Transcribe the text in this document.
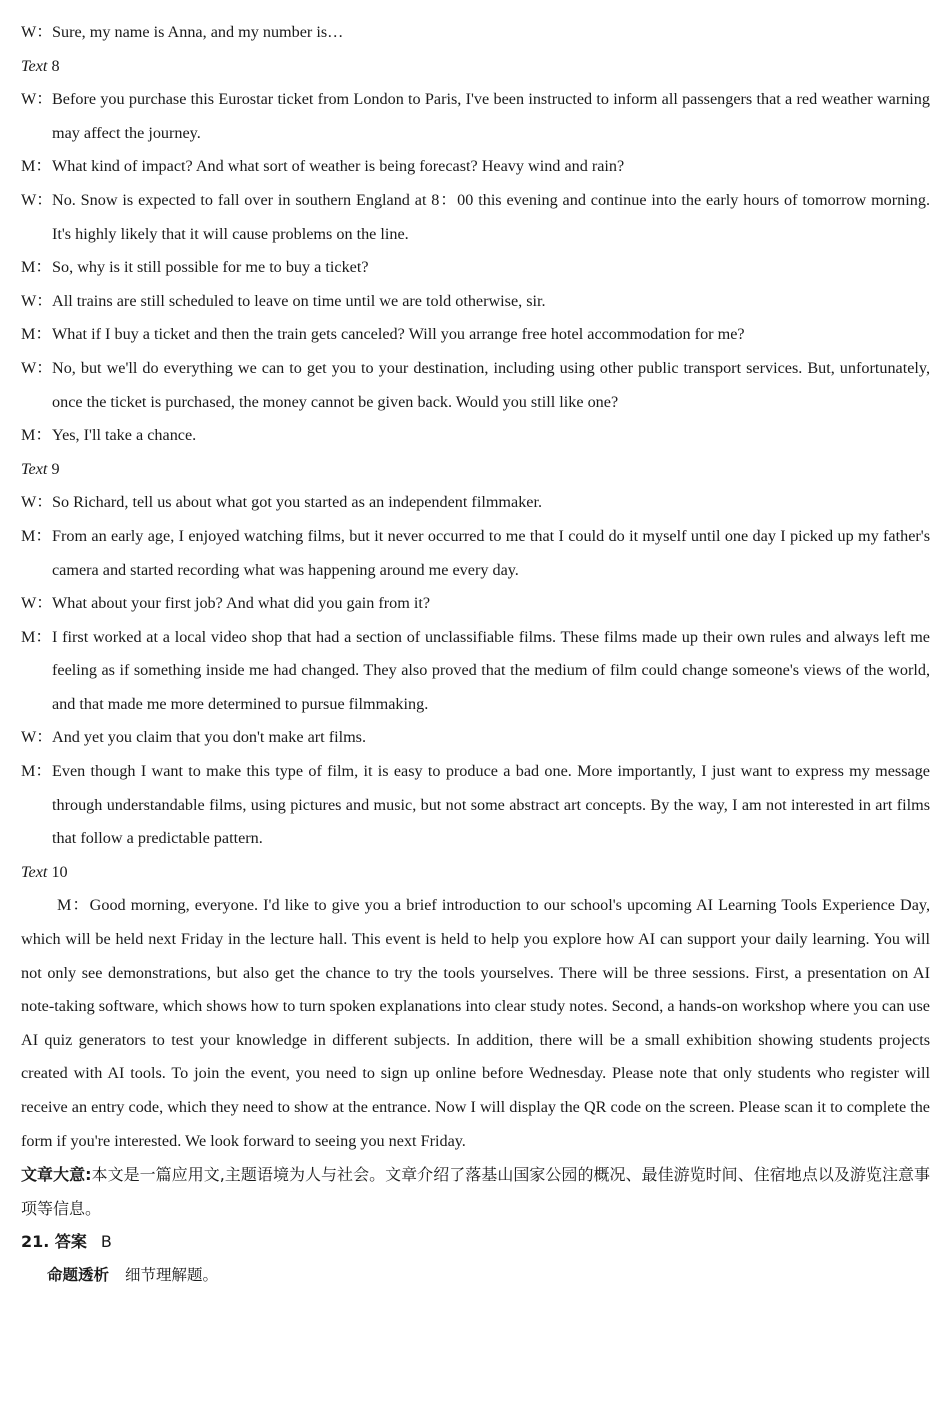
W：Sure, my name is Anna, and my number is…

Text 8

W：Before you purchase this Eurostar ticket from London to Paris, I've been instructed to inform all passengers that a red weather warning may affect the journey.

M：What kind of impact? And what sort of weather is being forecast? Heavy wind and rain?

W：No. Snow is expected to fall over in southern England at 8：00 this evening and continue into the early hours of tomorrow morning. It's highly likely that it will cause problems on the line.

M：So, why is it still possible for me to buy a ticket?

W：All trains are still scheduled to leave on time until we are told otherwise, sir.

M：What if I buy a ticket and then the train gets canceled? Will you arrange free hotel accommodation for me?

W：No, but we'll do everything we can to get you to your destination, including using other public transport services. But, unfortunately, once the ticket is purchased, the money cannot be given back. Would you still like one?

M：Yes, I'll take a chance.

Text 9

W：So Richard, tell us about what got you started as an independent filmmaker.

M：From an early age, I enjoyed watching films, but it never occurred to me that I could do it myself until one day I picked up my father's camera and started recording what was happening around me every day.

W：What about your first job? And what did you gain from it?

M：I first worked at a local video shop that had a section of unclassifiable films. These films made up their own rules and always left me feeling as if something inside me had changed. They also proved that the medium of film could change someone's views of the world, and that made me more determined to pursue filmmaking.

W：And yet you claim that you don't make art films.

M：Even though I want to make this type of film, it is easy to produce a bad one. More importantly, I just want to express my message through understandable films, using pictures and music, but not some abstract art concepts. By the way, I am not interested in art films that follow a predictable pattern.

Text 10

M：Good morning, everyone. I'd like to give you a brief introduction to our school's upcoming AI Learning Tools Experience Day, which will be held next Friday in the lecture hall. This event is held to help you explore how AI can support your daily learning. You will not only see demonstrations, but also get the chance to try the tools yourselves. There will be three sessions. First, a presentation on AI note-taking software, which shows how to turn spoken explanations into clear study notes. Second, a hands-on workshop where you can use AI quiz generators to test your knowledge in different subjects. In addition, there will be a small exhibition showing students projects created with AI tools. To join the event, you need to sign up online before Wednesday. Please note that only students who register will receive an entry code, which they need to show at the entrance. Now I will display the QR code on the screen. Please scan it to complete the form if you're interested. We look forward to seeing you next Friday.

文章大意:本文是一篇应用文,主题语境为人与社会。文章介绍了落基山国家公园的概况、最佳游览时间、住宿地点以及游览注意事项等信息。

21. 答案 B

命题透析 细节理解题。
